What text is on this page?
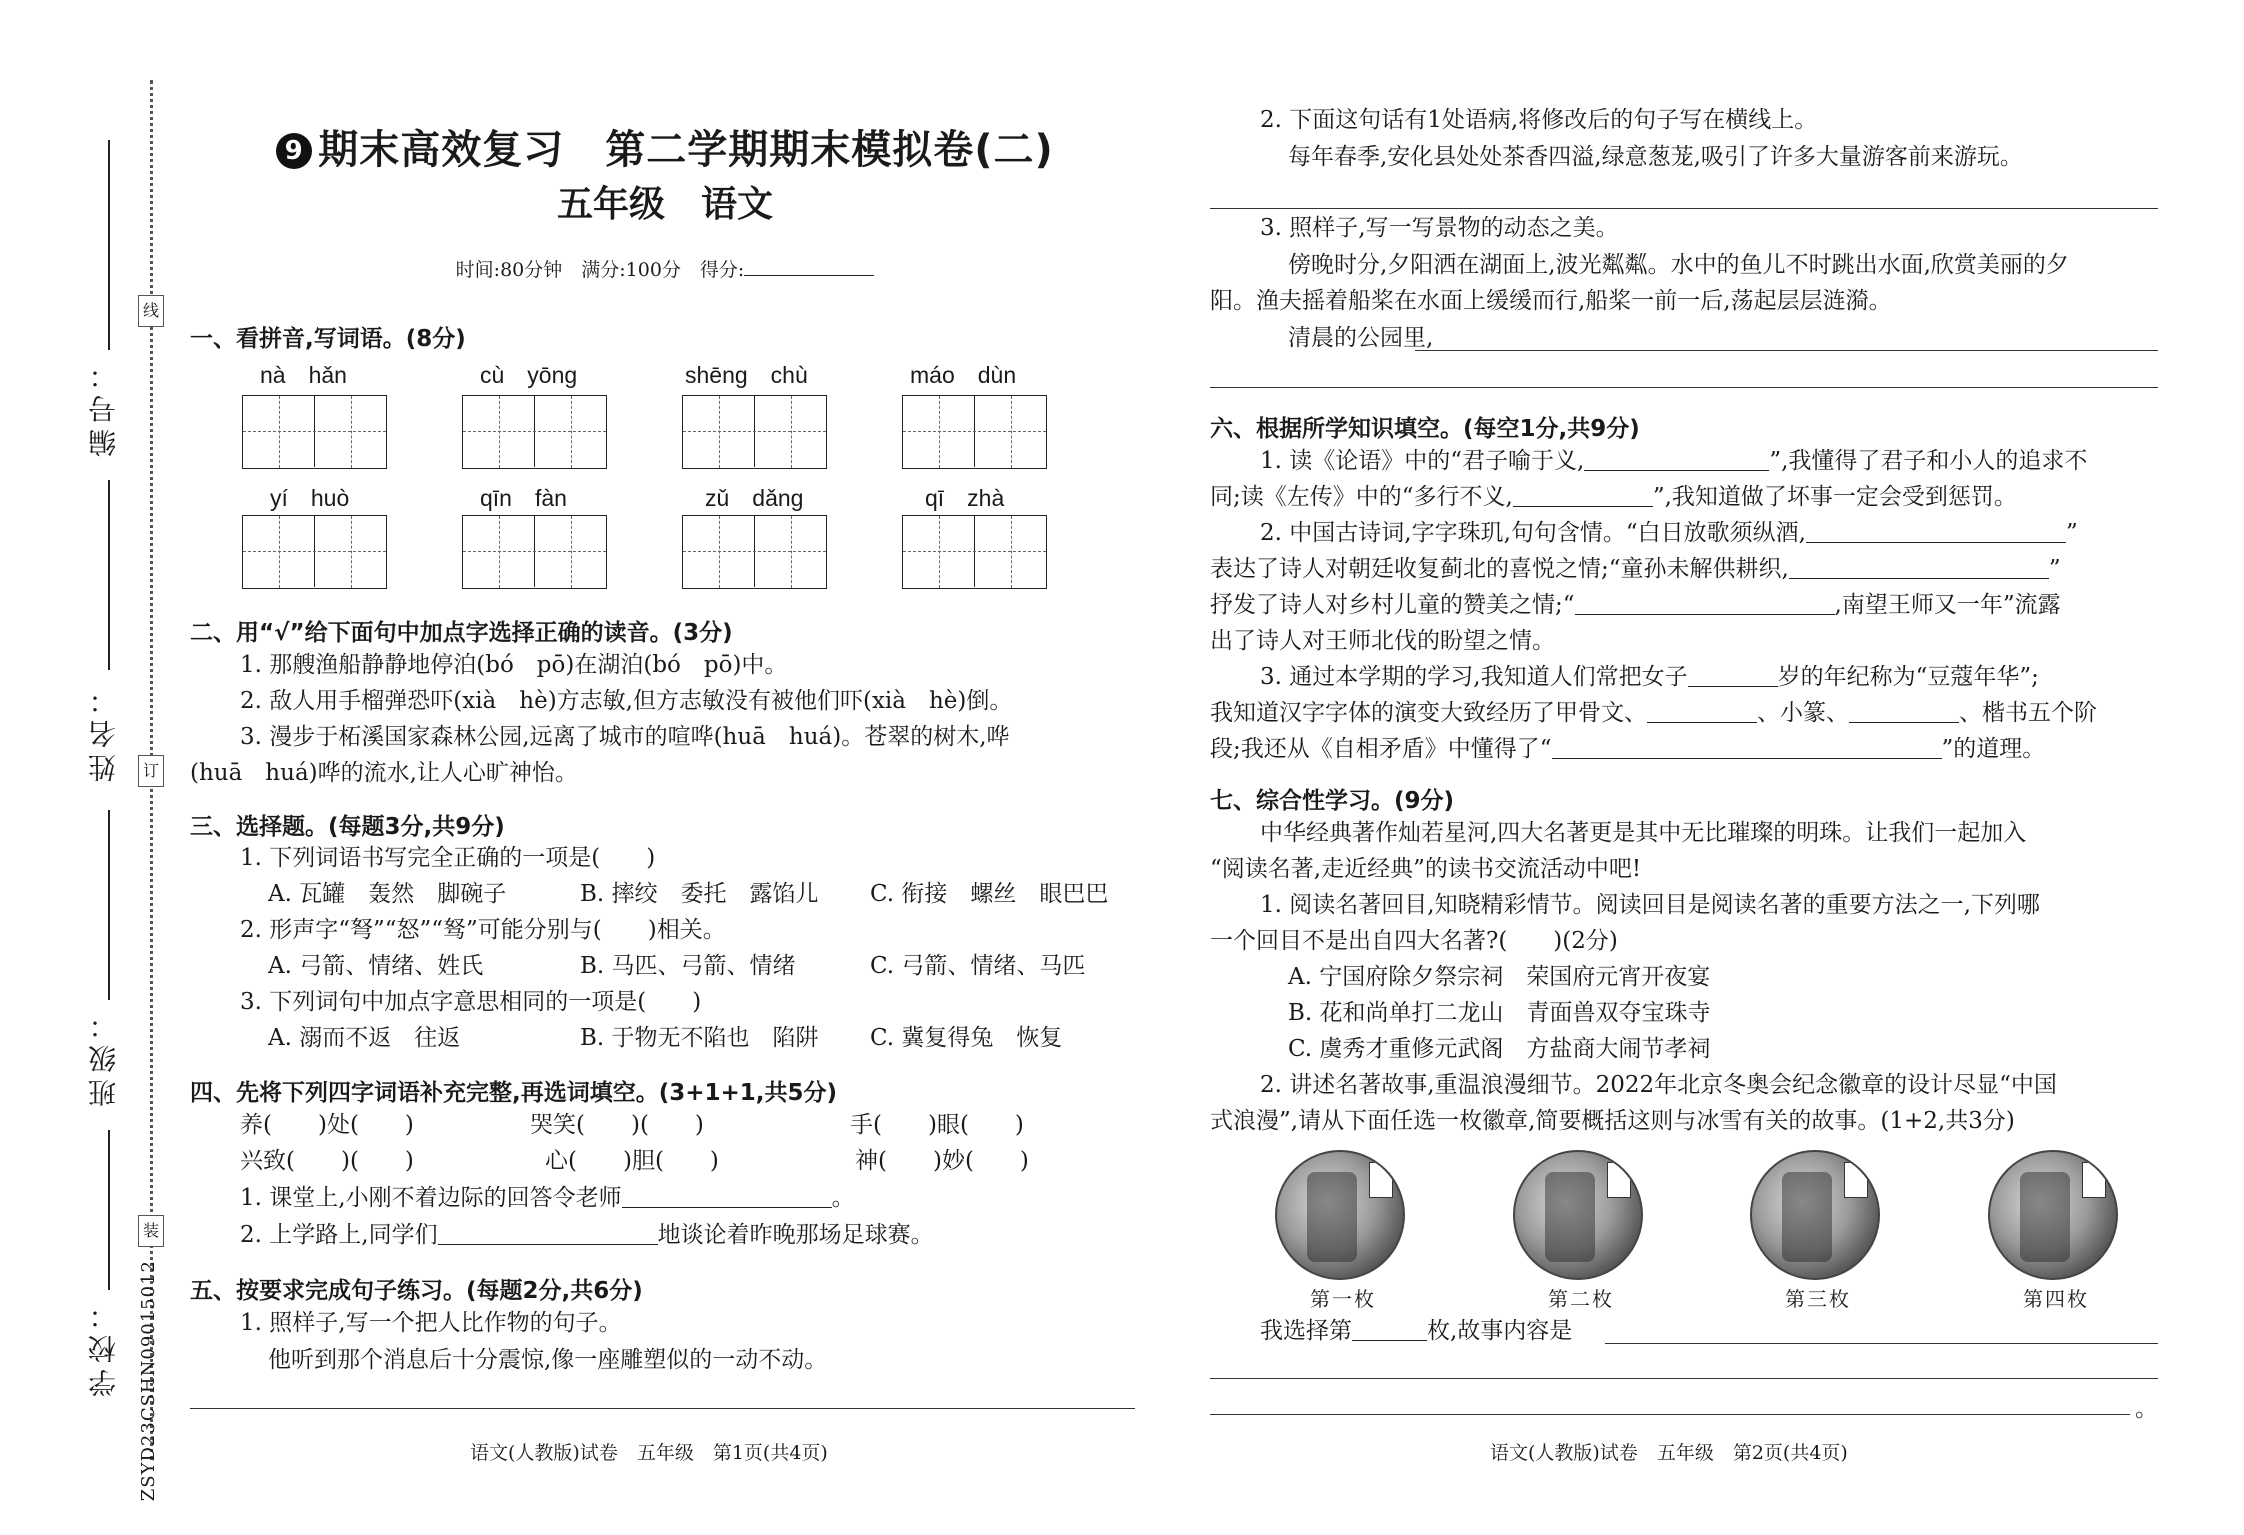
线
订
装
编号：
姓名：
班级：
学校： ZSYD23CSHN09015012
9 期末高效复习　第二学期期末模拟卷(二)
五年级　语文
时间:80分钟　满分:100分　得分:
一、看拼音,写词语。(8分)
nà　hǎn	cù　yōng	shēng　chù	máo　dùn
yí　huò	qīn　fàn	zǔ　dǎng	qī　zhà
二、用“√”给下面句中加点字选择正确的读音。(3分)
1. 那艘渔船静静地停泊(bó　pō)在湖泊(bó　pō)中。
2. 敌人用手榴弹恐吓(xià　hè)方志敏,但方志敏没有被他们吓(xià　hè)倒。
3. 漫步于柘溪国家森林公园,远离了城市的喧哗(huā　huá)。苍翠的树木,哗
(huā　huá)哗的流水,让人心旷神怡。
三、选择题。(每题3分,共9分)
1. 下列词语书写完全正确的一项是(　　)
A. 瓦罐　轰然　脚碗子	B. 摔绞　委托　露馅儿 C. 衔接　螺丝　眼巴巴
2. 形声字“弩”“怒”“驽”可能分别与(　　)相关。
A. 弓箭、情绪、姓氏	B. 马匹、弓箭、情绪	C. 弓箭、情绪、马匹
3. 下列词句中加点字意思相同的一项是(　　)
A. 溺而不返　往返	B. 于物无不陷也　陷阱 C. 冀复得兔　恢复
四、先将下列四字词语补充完整,再选词填空。(3+1+1,共5分)
养(　　)处(　　)	哭笑(　　)(　　)	手(　　)眼(　　)
兴致(　　)(　　)	心(　　)胆(　　)	神(　　)妙(　　)
1. 课堂上,小刚不着边际的回答令老师	。
2. 上学路上,同学们	地谈论着昨晚那场足球赛。
五、按要求完成句子练习。(每题2分,共6分)
1. 照样子,写一个把人比作物的句子。
他听到那个消息后十分震惊,像一座雕塑似的一动不动。
语文(人教版)试卷　五年级　第1页(共4页)
2. 下面这句话有1处语病,将修改后的句子写在横线上。
每年春季,安化县处处茶香四溢,绿意葱茏,吸引了许多大量游客前来游玩。
3. 照样子,写一写景物的动态之美。
傍晚时分,夕阳洒在湖面上,波光粼粼。水中的鱼儿不时跳出水面,欣赏美丽的夕
阳。渔夫摇着船桨在水面上缓缓而行,船桨一前一后,荡起层层涟漪。
清晨的公园里,
六、根据所学知识填空。(每空1分,共9分)
1. 读《论语》中的“君子喻于义,	”,我懂得了君子和小人的追求不
同;读《左传》中的“多行不义,	”,我知道做了坏事一定会受到惩罚。
2. 中国古诗词,字字珠玑,句句含情。“白日放歌须纵酒,	”
表达了诗人对朝廷收复蓟北的喜悦之情;“童孙未解供耕织,	”
抒发了诗人对乡村儿童的赞美之情;“	,南望王师又一年”流露
出了诗人对王师北伐的盼望之情。
3. 通过本学期的学习,我知道人们常把女子	岁的年纪称为“豆蔻年华”;
我知道汉字字体的演变大致经历了甲骨文、	、小篆、	、楷书五个阶
段;我还从《自相矛盾》中懂得了“	”的道理。
七、综合性学习。(9分)
中华经典著作灿若星河,四大名著更是其中无比璀璨的明珠。让我们一起加入
“阅读名著,走近经典”的读书交流活动中吧!
1. 阅读名著回目,知晓精彩情节。阅读回目是阅读名著的重要方法之一,下列哪
一个回目不是出自四大名著?(　　)(2分)
A. 宁国府除夕祭宗祠　荣国府元宵开夜宴
B. 花和尚单打二龙山　青面兽双夺宝珠寺
C. 虞秀才重修元武阁　方盐商大闹节孝祠
2. 讲述名著故事,重温浪漫细节。2022年北京冬奥会纪念徽章的设计尽显“中国
式浪漫”,请从下面任选一枚徽章,简要概括这则与冰雪有关的故事。(1+2,共3分)
第一枚	第二枚	第三枚	第四枚
我选择第	枚,故事内容是
。
语文(人教版)试卷　五年级　第2页(共4页)
